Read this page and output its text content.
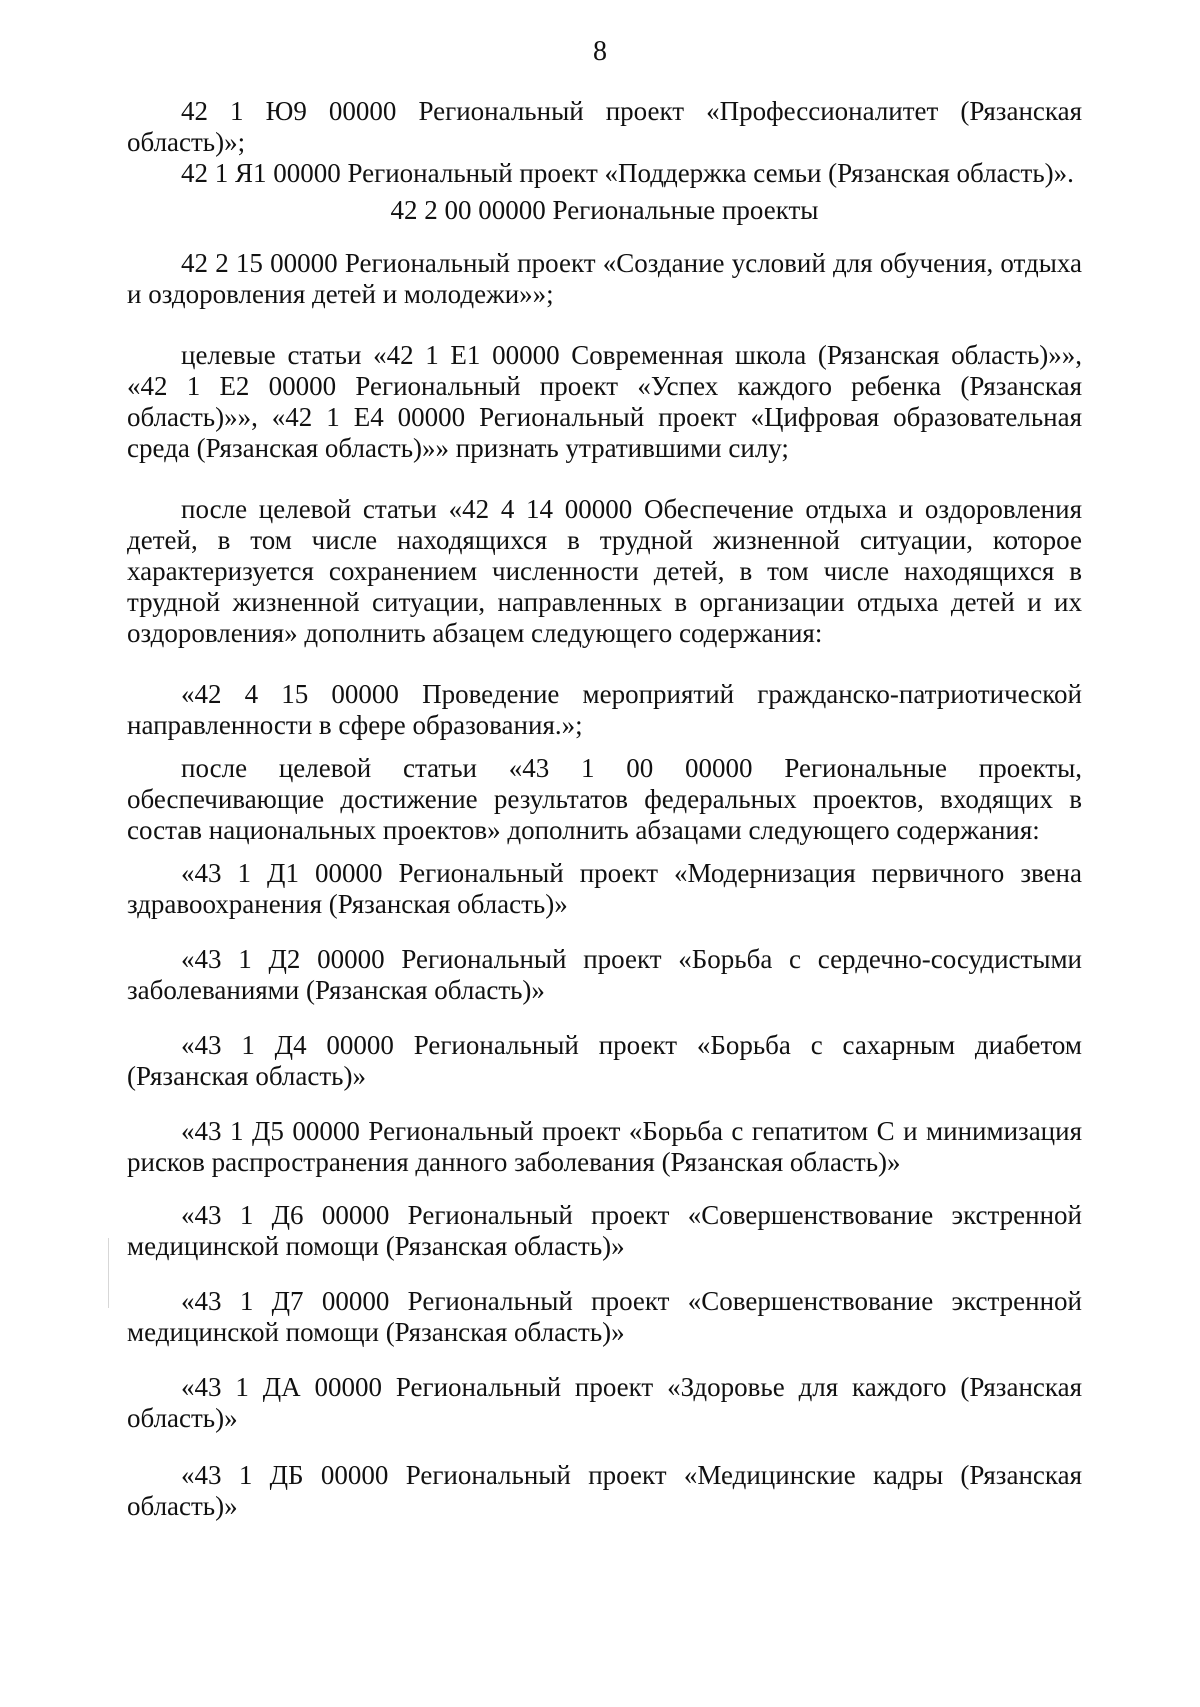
8

42 1 Ю9 00000 Региональный проект «Профессионалитет (Рязанская область)»;

42 1 Я1 00000 Региональный проект «Поддержка семьи (Рязанская область)».

42 2 00 00000 Региональные проекты

42 2 15 00000 Региональный проект «Создание условий для обучения, отдыха и оздоровления детей и молодежи»»;

целевые статьи «42 1 Е1 00000 Современная школа (Рязанская область)»», «42 1 Е2 00000 Региональный проект «Успех каждого ребенка (Рязанская область)»», «42 1 Е4 00000 Региональный проект «Цифровая образовательная среда (Рязанская область)»» признать утратившими силу;

после целевой статьи «42 4 14 00000 Обеспечение отдыха и оздоровления детей, в том числе находящихся в трудной жизненной ситуации, которое характеризуется сохранением численности детей, в том числе находящихся в трудной жизненной ситуации, направленных в организации отдыха детей и их оздоровления» дополнить абзацем следующего содержания:

«42 4 15 00000 Проведение мероприятий гражданско-патриотической направленности в сфере образования.»;

после целевой статьи «43 1 00 00000 Региональные проекты, обеспечивающие достижение результатов федеральных проектов, входящих в состав национальных проектов» дополнить абзацами следующего содержания:

«43 1 Д1 00000 Региональный проект «Модернизация первичного звена здравоохранения (Рязанская область)»

«43 1 Д2 00000 Региональный проект «Борьба с сердечно-сосудистыми заболеваниями (Рязанская область)»

«43 1 Д4 00000 Региональный проект «Борьба с сахарным диабетом (Рязанская область)»

«43 1 Д5 00000 Региональный проект «Борьба с гепатитом С и минимизация рисков распространения данного заболевания (Рязанская область)»

«43 1 Д6 00000 Региональный проект «Совершенствование экстренной медицинской помощи (Рязанская область)»

«43 1 Д7 00000 Региональный проект «Совершенствование экстренной медицинской помощи (Рязанская область)»

«43 1 ДА 00000 Региональный проект «Здоровье для каждого (Рязанская область)»

«43 1 ДБ 00000 Региональный проект «Медицинские кадры (Рязанская область)»
